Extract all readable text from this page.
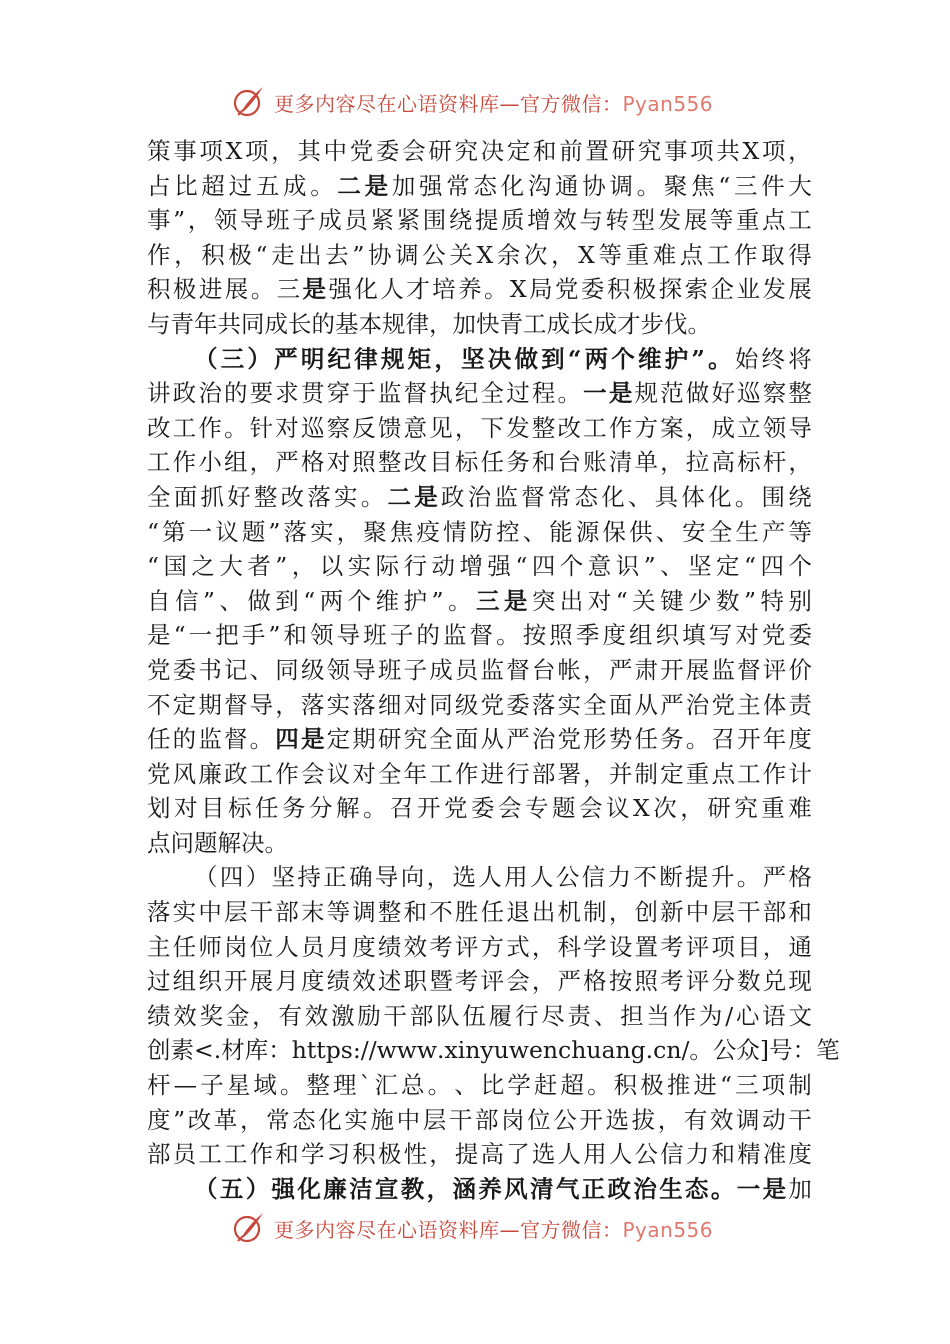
更多内容尽在心语资料库—官方微信：Pyan556
策 事 项 X 项 ， 其 中 党 委 会 研 究 决 定 和 前 置 研 究 事 项 共 X 项 ，
占 比 超 过 五 成 。 二 是 加 强 常 态 化 沟 通 协 调 。 聚 焦 “ 三 件 大
事 ” ， 领 导 班 子 成 员 紧 紧 围 绕 提 质 增 效 与 转 型 发 展 等 重 点 工
作 ， 积 极 “ 走 出 去 ” 协 调 公 关 X 余 次 ， X 等 重 难 点 工 作 取 得
积 极 进 展 。 三 是 强 化 人 才 培 养 。 X 局 党 委 积 极 探 索 企 业 发 展
与 青 年 共 同 成 长 的 基 本 规 律 ， 加 快 青 工 成 长 成 才 步 伐 。
（ 三 ） 严 明 纪 律 规 矩 ， 坚 决 做 到 “ 两 个 维 护 ” 。 始 终 将
讲 政 治 的 要 求 贯 穿 于 监 督 执 纪 全 过 程 。 一 是 规 范 做 好 巡 察 整
改 工 作 。 针 对 巡 察 反 馈 意 见 ， 下 发 整 改 工 作 方 案 ， 成 立 领 导
工 作 小 组 ， 严 格 对 照 整 改 目 标 任 务 和 台 账 清 单 ， 拉 高 标 杆 ，
全 面 抓 好 整 改 落 实 。 二 是 政 治 监 督 常 态 化 、 具 体 化 。 围 绕
“ 第 一 议 题 ” 落 实 ， 聚 焦 疫 情 防 控 、 能 源 保 供 、 安 全 生 产 等
“ 国 之 大 者 ” ， 以 实 际 行 动 增 强 “ 四 个 意 识 ” 、 坚 定 “ 四 个
自 信 ” 、 做 到 “ 两 个 维 护 ” 。 三 是 突 出 对 “ 关 键 少 数 ” 特 别
是 “ 一 把 手 ” 和 领 导 班 子 的 监 督 。 按 照 季 度 组 织 填 写 对 党 委
党 委 书 记 、 同 级 领 导 班 子 成 员 监 督 台 帐 ， 严 肃 开 展 监 督 评 价
不 定 期 督 导 ， 落 实 落 细 对 同 级 党 委 落 实 全 面 从 严 治 党 主 体 责
任 的 监 督 。 四 是 定 期 研 究 全 面 从 严 治 党 形 势 任 务 。 召 开 年 度
党 风 廉 政 工 作 会 议 对 全 年 工 作 进 行 部 署 ， 并 制 定 重 点 工 作 计
划 对 目 标 任 务 分 解 。 召 开 党 委 会 专 题 会 议 X 次 ， 研 究 重 难
点 问 题 解 决 。
（ 四 ） 坚 持 正 确 导 向 ， 选 人 用 人 公 信 力 不 断 提 升 。 严 格
落 实 中 层 干 部 末 等 调 整 和 不 胜 任 退 出 机 制 ， 创 新 中 层 干 部 和
主 任 师 岗 位 人 员 月 度 绩 效 考 评 方 式 ， 科 学 设 置 考 评 项 目 ， 通
过 组 织 开 展 月 度 绩 效 述 职 暨 考 评 会 ， 严 格 按 照 考 评 分 数 兑 现
绩 效 奖 金 ， 有 效 激 励 干 部 队 伍 履 行 尽 责 、 担 当 作 为 / 心 语 文
创 素 < . 材 库 ： h t t p s : / / w w w . x i n y u w e n c h u a n g . c n / 。 公 众 ] 号 ： 笔
杆 — 子 星 域 。 整 理 ` 汇 总 。 、 比 学 赶 超 。 积 极 推 进 “ 三 项 制
度 ” 改 革 ， 常 态 化 实 施 中 层 干 部 岗 位 公 开 选 拔 ， 有 效 调 动 干
部 员 工 工 作 和 学 习 积 极 性 ， 提 高 了 选 人 用 人 公 信 力 和 精 准 度
（ 五 ） 强 化 廉 洁 宣 教 ， 涵 养 风 清 气 正 政 治 生 态 。 一 是 加
更多内容尽在心语资料库—官方微信：Pyan556
